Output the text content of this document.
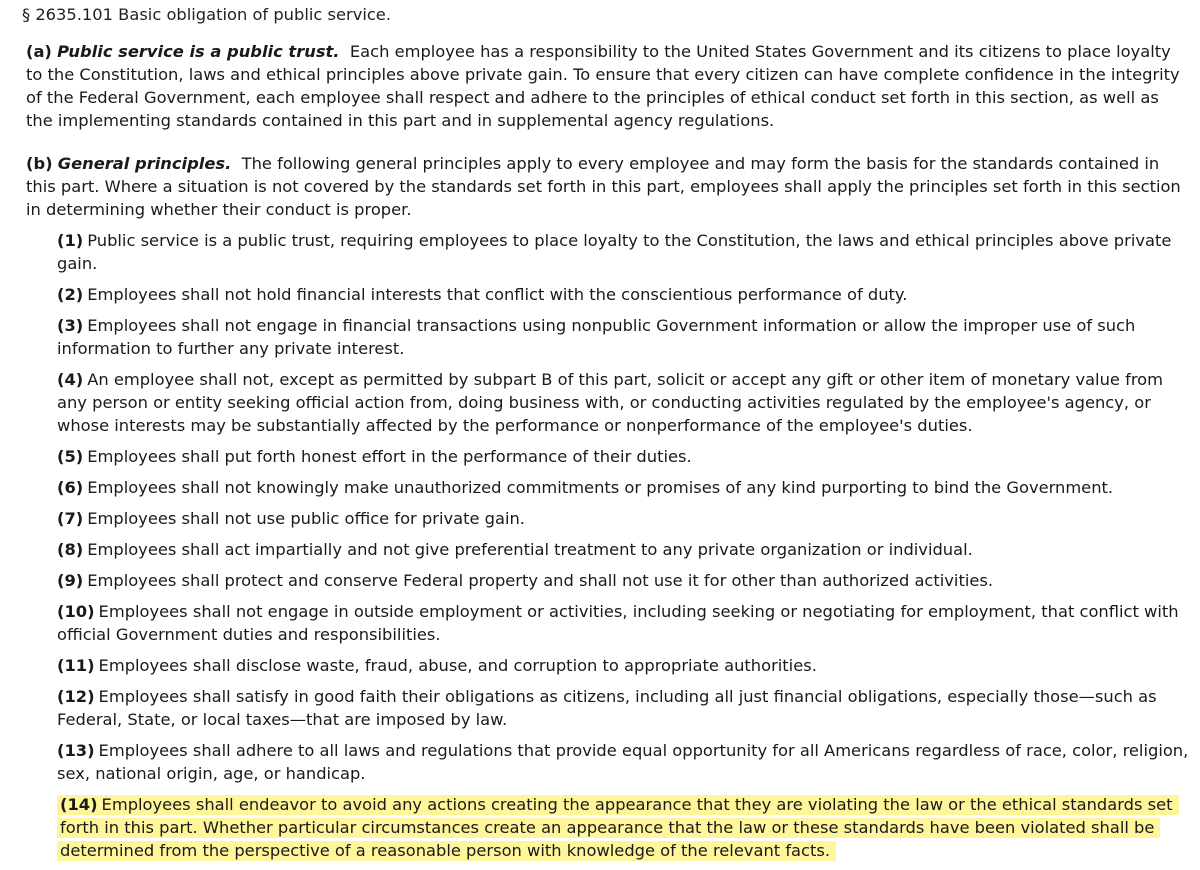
§ 2635.101 Basic obligation of public service.
(a) Public service is a public trust. Each employee has a responsibility to the United States Government and its citizens to place loyalty to the Constitution, laws and ethical principles above private gain. To ensure that every citizen can have complete confidence in the integrity of the Federal Government, each employee shall respect and adhere to the principles of ethical conduct set forth in this section, as well as the implementing standards contained in this part and in supplemental agency regulations.
(b) General principles. The following general principles apply to every employee and may form the basis for the standards contained in this part. Where a situation is not covered by the standards set forth in this part, employees shall apply the principles set forth in this section in determining whether their conduct is proper.
(1) Public service is a public trust, requiring employees to place loyalty to the Constitution, the laws and ethical principles above private gain.
(2) Employees shall not hold financial interests that conflict with the conscientious performance of duty.
(3) Employees shall not engage in financial transactions using nonpublic Government information or allow the improper use of such information to further any private interest.
(4) An employee shall not, except as permitted by subpart B of this part, solicit or accept any gift or other item of monetary value from any person or entity seeking official action from, doing business with, or conducting activities regulated by the employee's agency, or whose interests may be substantially affected by the performance or nonperformance of the employee's duties.
(5) Employees shall put forth honest effort in the performance of their duties.
(6) Employees shall not knowingly make unauthorized commitments or promises of any kind purporting to bind the Government.
(7) Employees shall not use public office for private gain.
(8) Employees shall act impartially and not give preferential treatment to any private organization or individual.
(9) Employees shall protect and conserve Federal property and shall not use it for other than authorized activities.
(10) Employees shall not engage in outside employment or activities, including seeking or negotiating for employment, that conflict with official Government duties and responsibilities.
(11) Employees shall disclose waste, fraud, abuse, and corruption to appropriate authorities.
(12) Employees shall satisfy in good faith their obligations as citizens, including all just financial obligations, especially those—such as Federal, State, or local taxes—that are imposed by law.
(13) Employees shall adhere to all laws and regulations that provide equal opportunity for all Americans regardless of race, color, religion, sex, national origin, age, or handicap.
(14) Employees shall endeavor to avoid any actions creating the appearance that they are violating the law or the ethical standards set forth in this part. Whether particular circumstances create an appearance that the law or these standards have been violated shall be determined from the perspective of a reasonable person with knowledge of the relevant facts.
